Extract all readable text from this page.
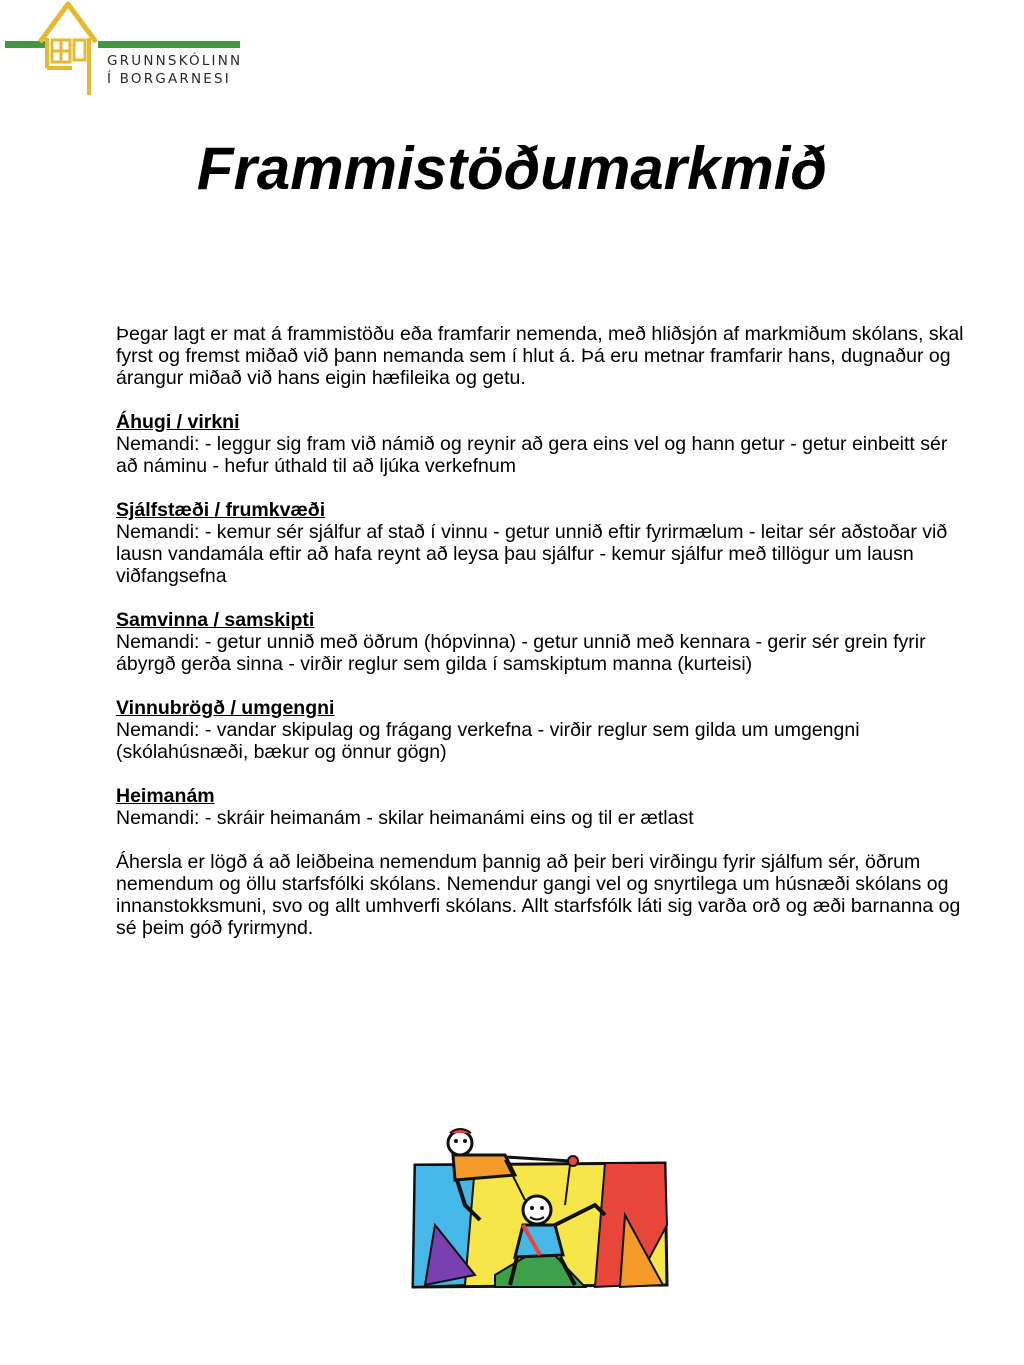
GRUNNSKÓLINN
Í BORGARNESI
Frammistöðumarkmið

Þegar lagt er mat á frammistöðu eða framfarir nemenda, með hliðsjón af markmiðum skólans, skal fyrst og fremst miðað við þann nemanda sem í hlut á. Þá eru metnar framfarir hans, dugnaður og árangur miðað við hans eigin hæfileika og getu.

Áhugi / virkni

Nemandi: - leggur sig fram við námið og reynir að gera eins vel og hann getur - getur einbeitt sér að náminu - hefur úthald til að ljúka verkefnum

Sjálfstæði / frumkvæði

Nemandi: - kemur sér sjálfur af stað í vinnu - getur unnið eftir fyrirmælum - leitar sér aðstoðar við lausn vandamála eftir að hafa reynt að leysa þau sjálfur - kemur sjálfur með tillögur um lausn viðfangsefna

Samvinna / samskipti

Nemandi: - getur unnið með öðrum (hópvinna) - getur unnið með kennara - gerir sér grein fyrir ábyrgð gerða sinna - virðir reglur sem gilda í samskiptum manna (kurteisi)

Vinnubrögð / umgengni

Nemandi: - vandar skipulag og frágang verkefna - virðir reglur sem gilda um umgengni (skólahúsnæði, bækur og önnur gögn)

Heimanám

Nemandi: - skráir heimanám - skilar heimanámi eins og til er ætlast

Áhersla er lögð á að leiðbeina nemendum þannig að þeir beri virðingu fyrir sjálfum sér, öðrum nemendum og öllu starfsfólki skólans. Nemendur gangi vel og snyrtilega um húsnæði skólans og innanstokksmuni, svo og allt umhverfi skólans. Allt starfsfólk láti sig varða orð og æði barnanna og sé þeim góð fyrirmynd.
